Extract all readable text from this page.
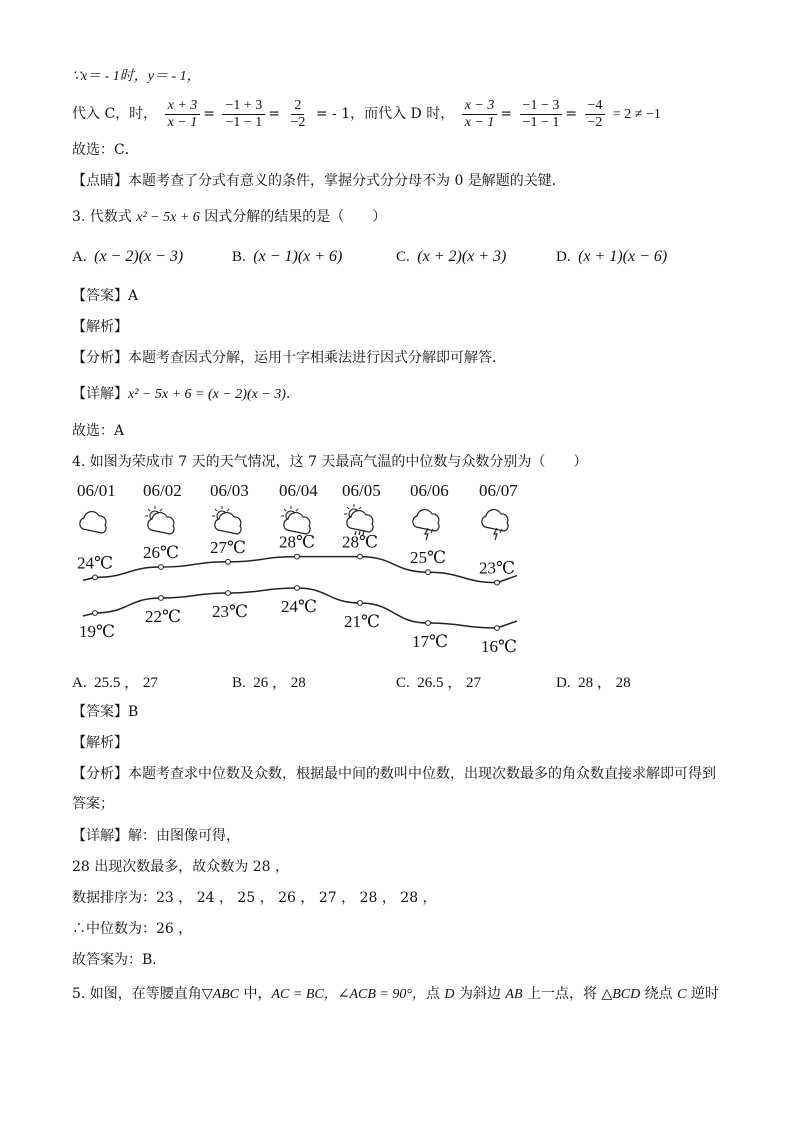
∵x＝ - 1时，y＝ - 1，
代入 C，时， $\frac{x + 3}{x - 1} = \frac{-1 + 3}{-1 - 1} = \frac{2}{-2}$ = - 1，而代入 D 时， $\frac{x - 3}{x - 1} = \frac{-1 - 3}{-1 - 1} = \frac{-4}{-2} = 2 \ne -1$
故选：C．
【点睛】本题考查了分式有意义的条件，掌握分式分分母不为 0 是解题的关键．
3. 代数式 x² − 5x + 6 因式分解的结果的是（　　）
A. (x − 2)(x − 3)	B. (x − 1)(x + 6)	C. (x + 2)(x + 3)	D. (x + 1)(x − 6)
【答案】A
【解析】
【分析】本题考查因式分解，运用十字相乘法进行因式分解即可解答．
【详解】x² − 5x + 6 = (x − 2)(x − 3)．
故选：A
4. 如图为荣成市 7 天的天气情况，这 7 天最高气温的中位数与众数分别为（　　）
06/01 06/02 06/03 06/04 06/05 06/06 06/07
24℃
26℃ 27℃ 28℃ 28℃
25℃
23℃
19℃
22℃ 23℃ 24℃
21℃
17℃ 16℃
A. 25.5 ， 27	B. 26 ， 28	C. 26.5 ， 27	D. 28 ， 28
【答案】B
【解析】
【分析】本题考查求中位数及众数，根据最中间的数叫中位数，出现次数最多的角众数直接求解即可得到
答案；
【详解】解：由图像可得，
28 出现次数最多，故众数为 28 ，
数据排序为：23 ， 24 ， 25 ， 26 ， 27 ， 28 ， 28 ，
∴中位数为：26 ，
故答案为：B．
5. 如图，在等腰直角▽ABC 中，AC = BC，∠ACB = 90°，点 D 为斜边 AB 上一点，将 △BCD 绕点 C 逆时
